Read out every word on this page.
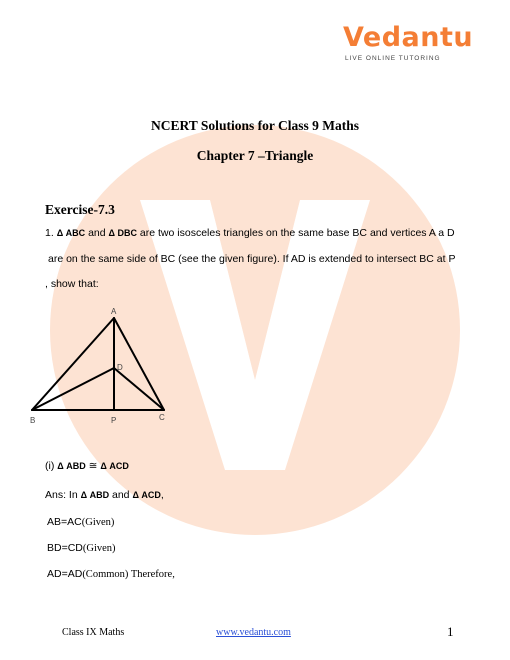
Vedantu
LIVE ONLINE TUTORING
NCERT Solutions for Class 9 Maths
Chapter 7 –Triangle
Exercise-7.3
1. Δ ABC and Δ DBC are two isosceles triangles on the same base BC and vertices A a D
are on the same side of BC (see the given figure). If AD is extended to intersect BC at P
, show that:
A
D
B	P	C
(i) Δ ABD ≅ Δ ACD
Ans: In Δ ABD and Δ ACD,
AB=AC(Given)
BD=CD(Given)
AD=AD(Common) Therefore,
Class IX Maths	www.vedantu.com	1
